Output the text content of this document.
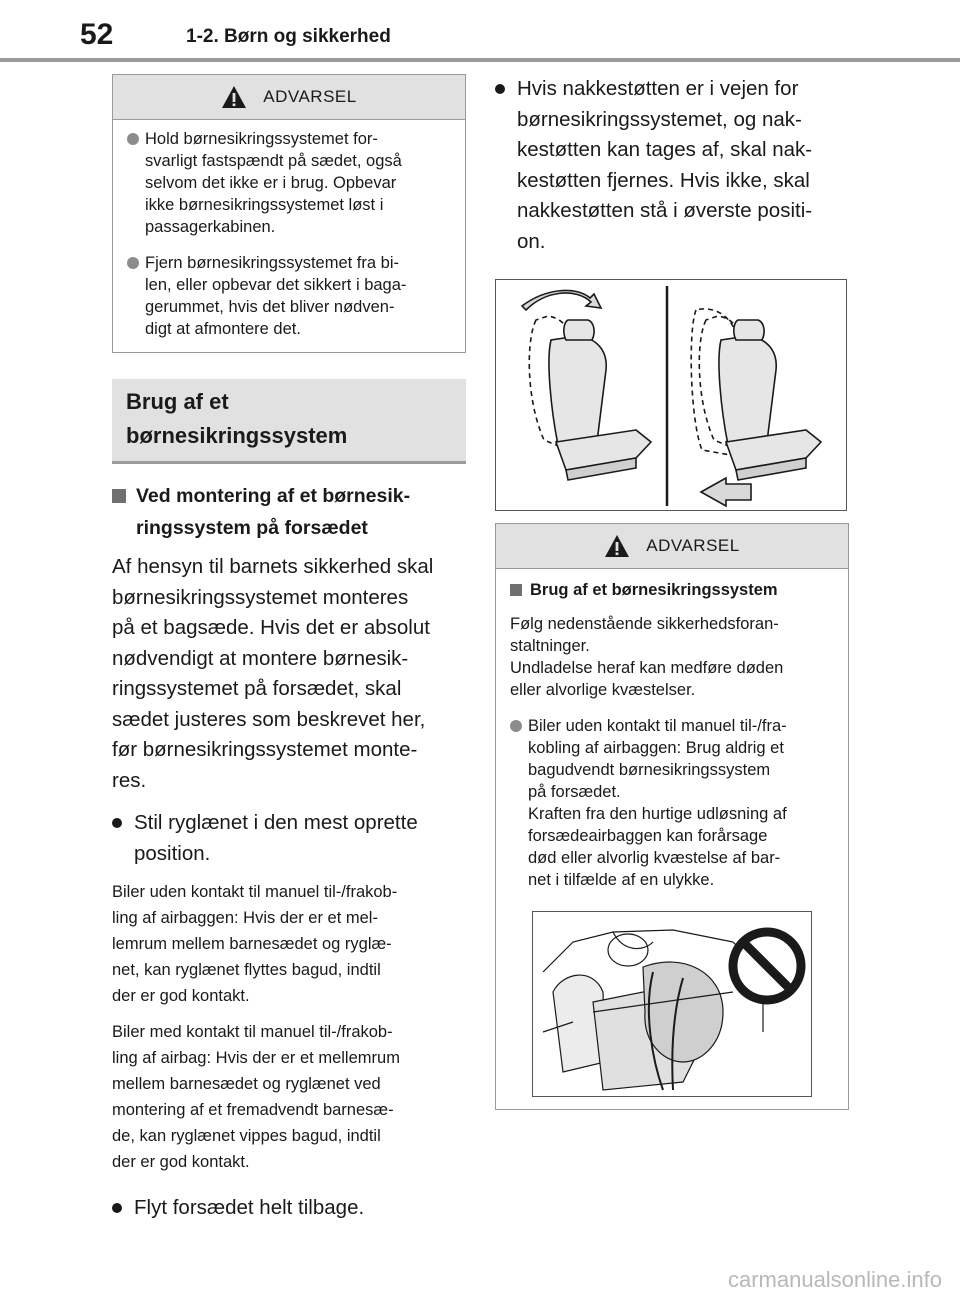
52	1-2. Børn og sikkerhed
ADVARSEL
Hold børnesikringssystemet for-
svarligt fastspændt på sædet, også
selvom det ikke er i brug. Opbevar
ikke børnesikringssystemet løst i
passagerkabinen.
Fjern børnesikringssystemet fra bi-
len, eller opbevar det sikkert i baga-
gerummet, hvis det bliver nødven-
digt at afmontere det.
Brug af et
børnesikringssystem
Ved montering af et børnesik-
ringssystem på forsædet
Af hensyn til barnets sikkerhed skal
børnesikringssystemet monteres
på et bagsæde. Hvis det er absolut
nødvendigt at montere børnesik-
ringssystemet på forsædet, skal
sædet justeres som beskrevet her,
før børnesikringssystemet monte-
res.
Stil ryglænet i den mest oprette
position.
Biler uden kontakt til manuel til-/frakob-
ling af airbaggen: Hvis der er et mel-
lemrum mellem barnesædet og ryglæ-
net, kan ryglænet flyttes bagud, indtil
der er god kontakt.
Biler med kontakt til manuel til-/frakob-
ling af airbag: Hvis der er et mellemrum
mellem barnesædet og ryglænet ved
montering af et fremadvendt barnesæ-
de, kan ryglænet vippes bagud, indtil
der er god kontakt.
Flyt forsædet helt tilbage.
Hvis nakkestøtten er i vejen for
børnesikringssystemet, og nak-
kestøtten kan tages af, skal nak-
kestøtten fjernes. Hvis ikke, skal
nakkestøtten stå i øverste positi-
on.
ADVARSEL
Brug af et børnesikringssystem
Følg nedenstående sikkerhedsforan-
staltninger.
Undladelse heraf kan medføre døden
eller alvorlige kvæstelser.
Biler uden kontakt til manuel til-/fra-
kobling af airbaggen: Brug aldrig et
bagudvendt børnesikringssystem
på forsædet.
Kraften fra den hurtige udløsning af
forsædeairbaggen kan forårsage
død eller alvorlig kvæstelse af bar-
net i tilfælde af en ulykke.
carmanualsonline.info
